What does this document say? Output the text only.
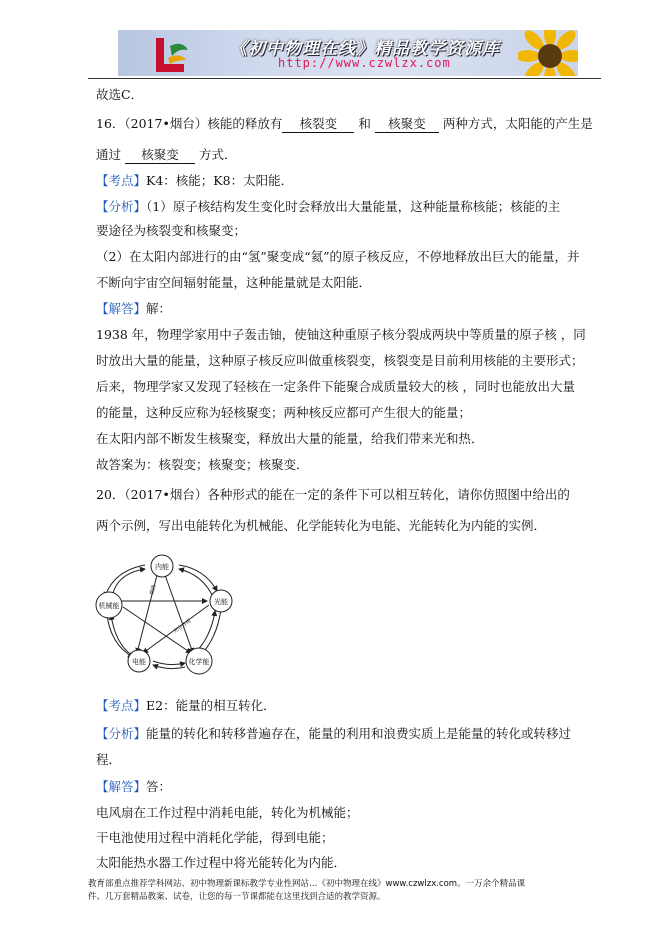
《初中物理在线》精品教学资源库
http://www.czwlzx.com
故选C．
16．（2017•烟台）核能的释放有 核裂变 和 核聚变 两种方式，太阳能的产生是
通过 核聚变 方式．
【考点】K4：核能；K8：太阳能．
【分析】（1）原子核结构发生变化时会释放出大量能量，这种能量称核能；核能的主
要途径为核裂变和核聚变；
（2）在太阳内部进行的由“氢”聚变成“氦”的原子核反应，不停地释放出巨大的能量，并
不断向宇宙空间辐射能量，这种能量就是太阳能．
【解答】解：
1938 年，物理学家用中子轰击铀，使铀这种重原子核分裂成两块中等质量的原子核 ，同
时放出大量的能量，这种原子核反应叫做重核裂变，核裂变是目前利用核能的主要形式；
后来，物理学家又发现了轻核在一定条件下能聚合成质量较大的核 ，同时也能放出大量
的能量，这种反应称为轻核聚变；两种核反应都可产生很大的能量；
在太阳内部不断发生核聚变，释放出大量的能量，给我们带来光和热．
故答案为：核裂变；核聚变；核聚变．
20．（2017•烟台）各种形式的能在一定的条件下可以相互转化，请你仿照图中给出的
两个示例，写出电能转化为机械能、化学能转化为电能、光能转化为内能的实例．
内能
光能
化学能
电能
机械能
燃烧
光合作用
【考点】E2：能量的相互转化．
【分析】能量的转化和转移普遍存在，能量的利用和浪费实质上是能量的转化或转移过
程．
【解答】答：
电风扇在工作过程中消耗电能，转化为机械能；
干电池使用过程中消耗化学能，得到电能；
太阳能热水器工作过程中将光能转化为内能．
教育部重点推荐学科网站、初中物理新课标教学专业性网站…《初中物理在线》www.czwlzx.com。一万余个精品课
件、几万套精品教案、试卷，让您的每一节课都能在这里找到合适的教学资源。
